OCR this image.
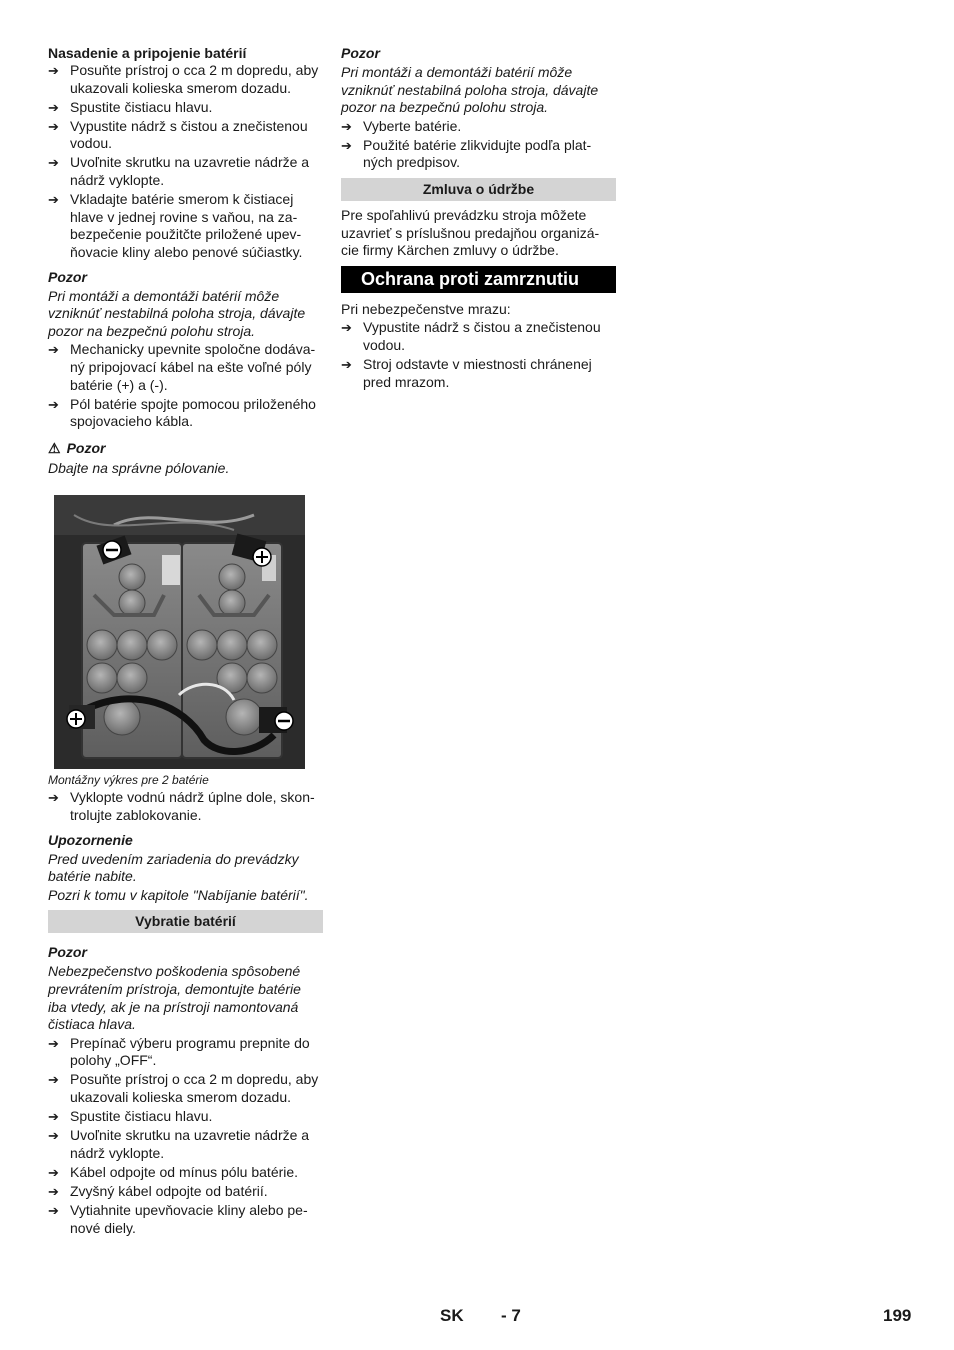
Nasadenie a pripojenie batérií
➔ Posuňte prístroj o cca 2 m dopredu, aby ukazovali kolieska smerom dozadu.
➔ Spustite čistiacu hlavu.
➔ Vypustite nádrž s čistou a znečistenou vodou.
➔ Uvoľnite skrutku na uzavretie nádrže a nádrž vyklopte.
➔ Vkladajte batérie smerom k čistiacej hlave v jednej rovine s vaňou, na za-bezpečenie použitčte priložené upev-ňovacie kliny alebo penové súčiastky.
Pozor
Pri montáži a demontáži batérií môže vzniknúť nestabilná poloha stroja, dávajte pozor na bezpečnú polohu stroja.
➔ Mechanicky upevnite spoločne dodáva-ný pripojovací kábel na ešte voľné póly batérie (+) a (-).
➔ Pól batérie spojte pomocou priloženého spojovacieho kábla.
⚠ Pozor
Dbajte na správne pólovanie.
Montážny výkres pre 2 batérie
➔ Vyklopte vodnú nádrž úplne dole, skon-trolujte zablokovanie.
Upozornenie
Pred uvedením zariadenia do prevádzky batérie nabite.
Pozri k tomu v kapitole "Nabíjanie batérií".
Vybratie batérií
Pozor
Nebezpečenstvo poškodenia spôsobené prevrátením prístroja, demontujte batérie iba vtedy, ak je na prístroji namontovaná čistiaca hlava.
➔ Prepínač výberu programu prepnite do polohy „OFF“.
➔ Posuňte prístroj o cca 2 m dopredu, aby ukazovali kolieska smerom dozadu.
➔ Spustite čistiacu hlavu.
➔ Uvoľnite skrutku na uzavretie nádrže a nádrž vyklopte.
➔ Kábel odpojte od mínus pólu batérie.
➔ Zvyšný kábel odpojte od batérií.
➔ Vytiahnite upevňovacie kliny alebo pe-nové diely.
Pozor
Pri montáži a demontáži batérií môže vzniknúť nestabilná poloha stroja, dávajte pozor na bezpečnú polohu stroja.
➔ Vyberte batérie.
➔ Použité batérie zlikvidujte podľa plat-ných predpisov.
Zmluva o údržbe
Pre spoľahlivú prevádzku stroja môžete uzavrieť s príslušnou predajňou organizá-cie firmy Kärchen zmluvy o údržbe.
Ochrana proti zamrznutiu
Pri nebezpečenstve mrazu:
➔ Vypustite nádrž s čistou a znečistenou vodou.
➔ Stroj odstavte v miestnosti chránenej pred mrazom.
SK - 7	199
